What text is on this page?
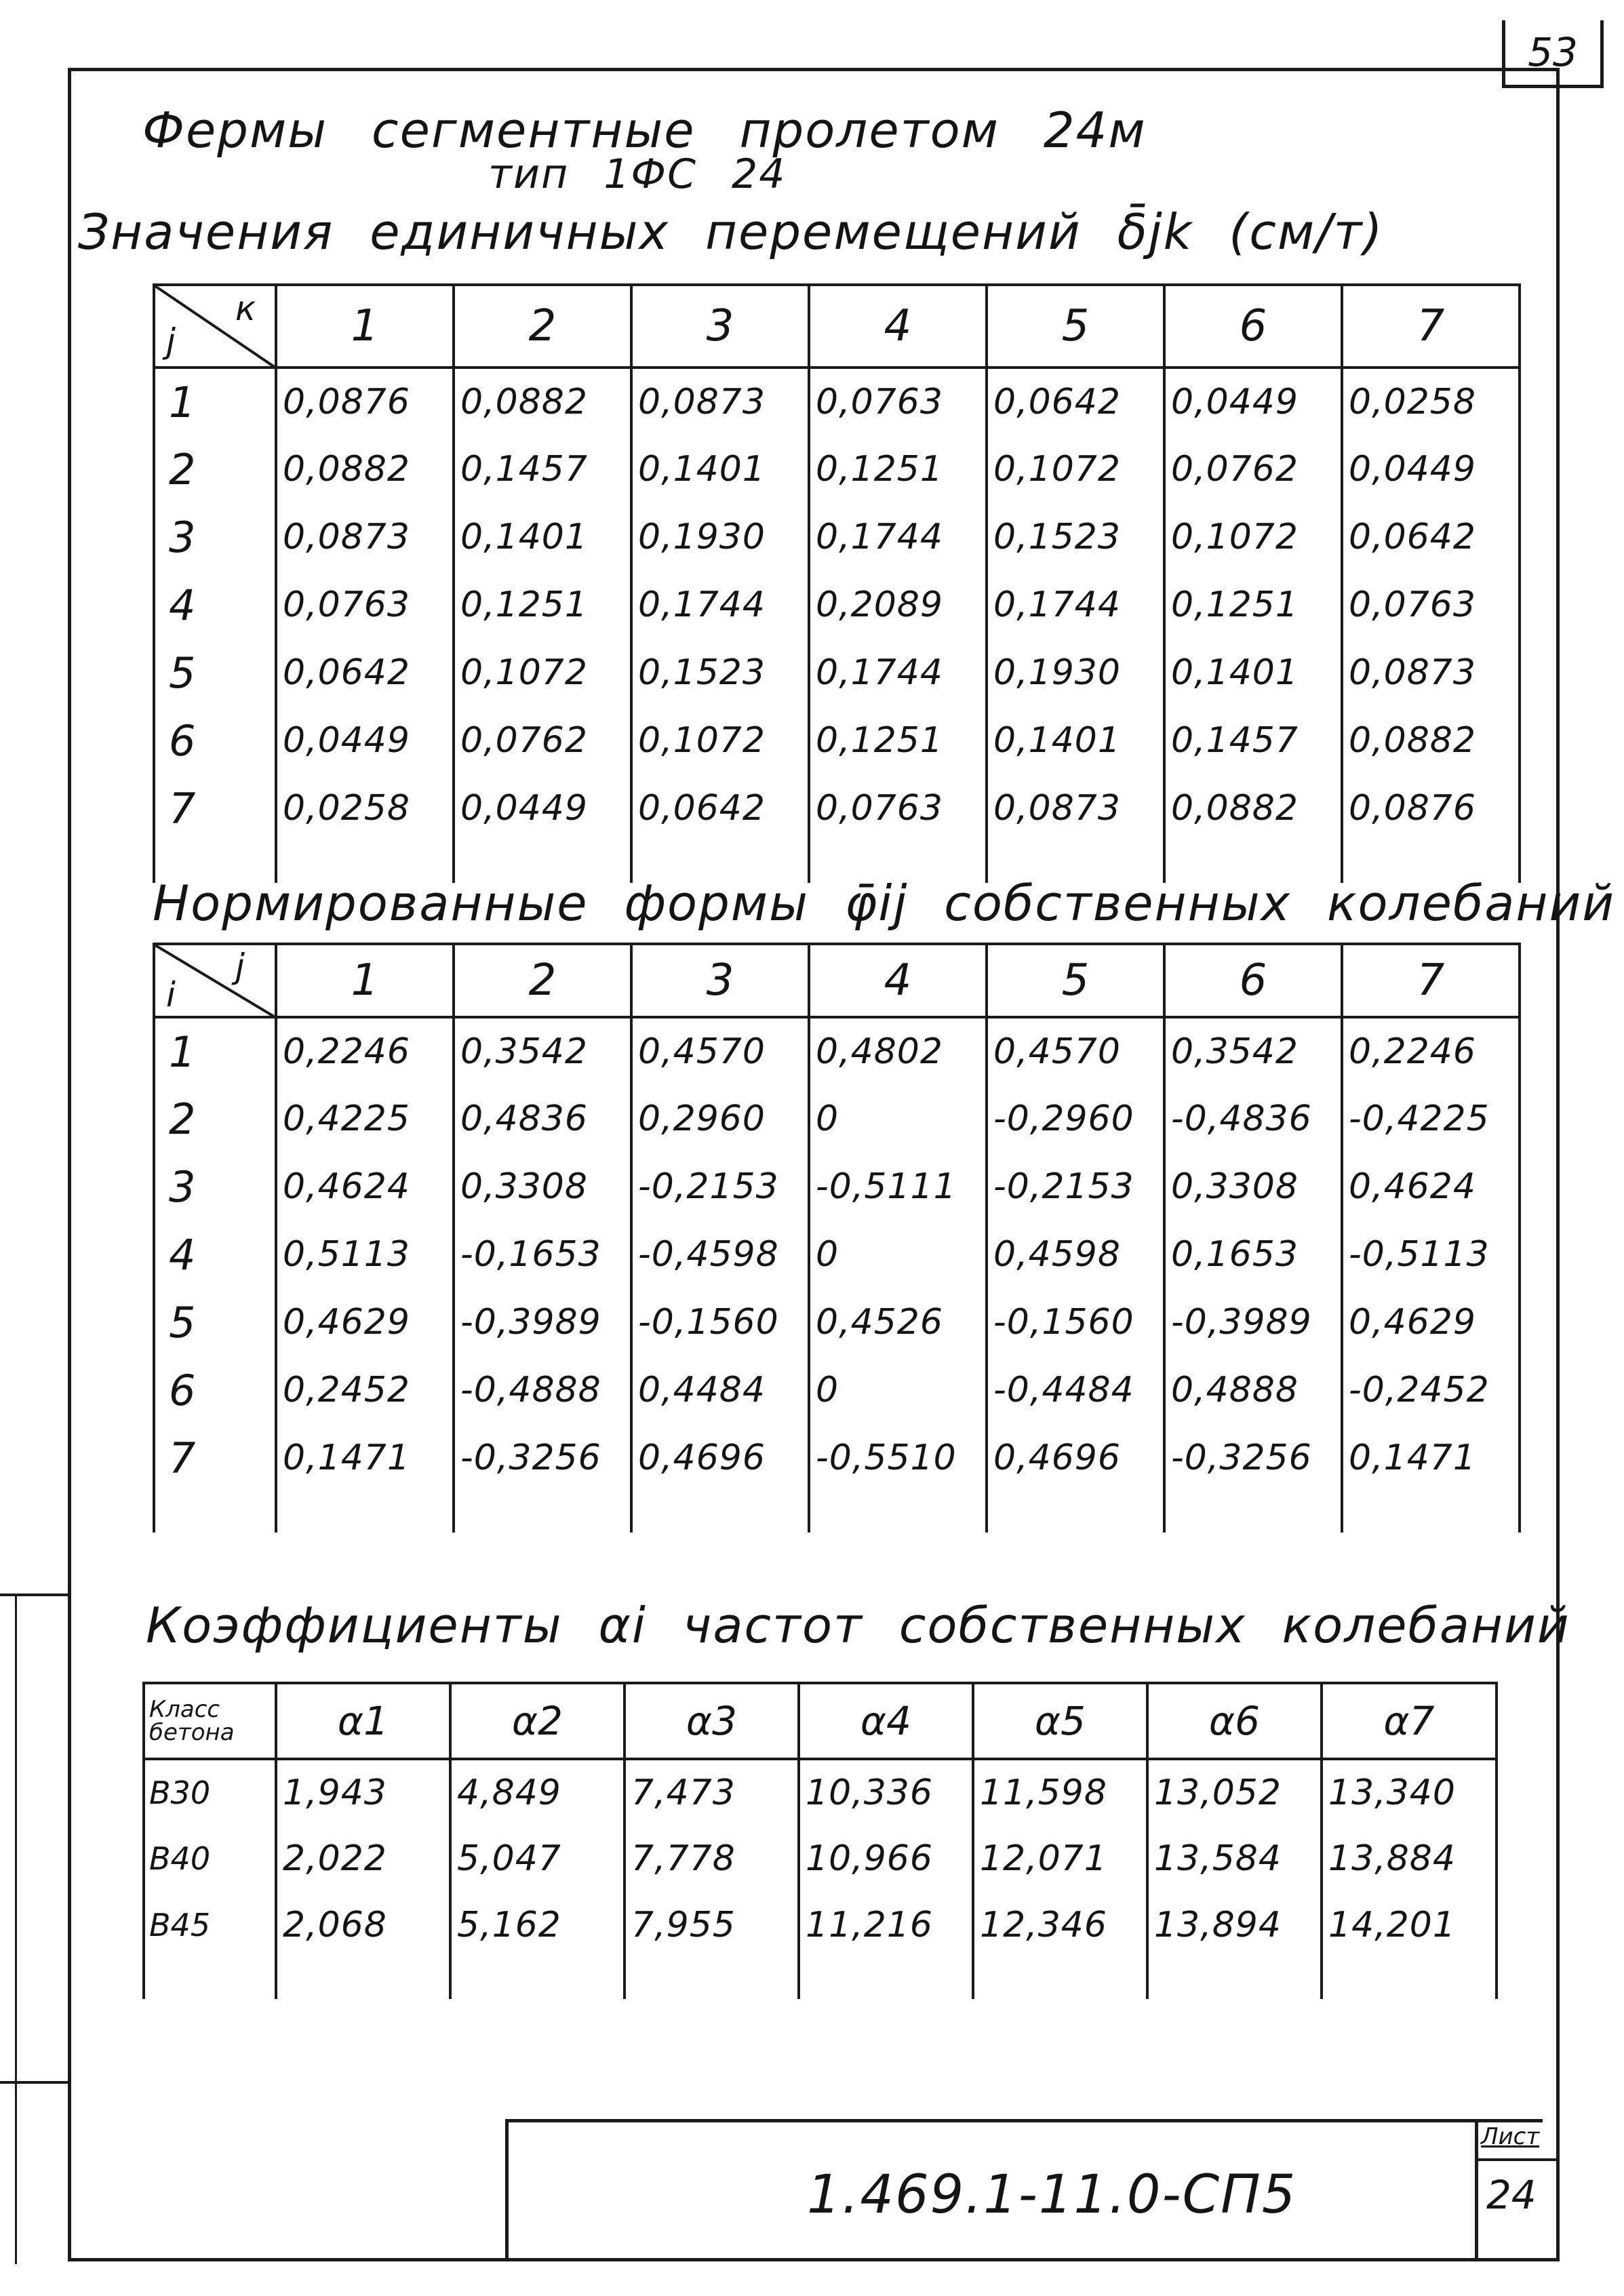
53
Фермы сегментные пролетом 24м
тип 1ФС 24
Значения единичных перемещений δ̄jk (см/т)
к
j	1	2	3	4	5	6	7
1	0,0876	0,0882	0,0873	0,0763	0,0642	0,0449	0,0258
2	0,0882	0,1457	0,1401	0,1251	0,1072	0,0762	0,0449
3	0,0873	0,1401	0,1930	0,1744	0,1523	0,1072	0,0642
4	0,0763	0,1251	0,1744	0,2089	0,1744	0,1251	0,0763
5	0,0642	0,1072	0,1523	0,1744	0,1930	0,1401	0,0873
6	0,0449	0,0762	0,1072	0,1251	0,1401	0,1457	0,0882
7	0,0258	0,0449	0,0642	0,0763	0,0873	0,0882	0,0876

Нормированные формы φ̄ij собственных колебаний
j
i	1	2	3	4	5	6	7
1	0,2246	0,3542	0,4570	0,4802	0,4570	0,3542	0,2246
2	0,4225	0,4836	0,2960	0	-0,2960	-0,4836	-0,4225
3	0,4624	0,3308	-0,2153	-0,5111	-0,2153	0,3308	0,4624
4	0,5113	-0,1653	-0,4598	0	0,4598	0,1653	-0,5113
5	0,4629	-0,3989	-0,1560	0,4526	-0,1560	-0,3989	0,4629
6	0,2452	-0,4888	0,4484	0	-0,4484	0,4888	-0,2452
7	0,1471	-0,3256	0,4696	-0,5510	0,4696	-0,3256	0,1471

Коэффициенты αi частот собственных колебаний
Класс бетона	α1	α2	α3	α4	α5	α6	α7
В30	1,943	4,849	7,473	10,336	11,598	13,052	13,340
В40	2,022	5,047	7,778	10,966	12,071	13,584	13,884
В45	2,068	5,162	7,955	11,216	12,346	13,894	14,201

1.469.1-11.0-СП5
Лист
24
